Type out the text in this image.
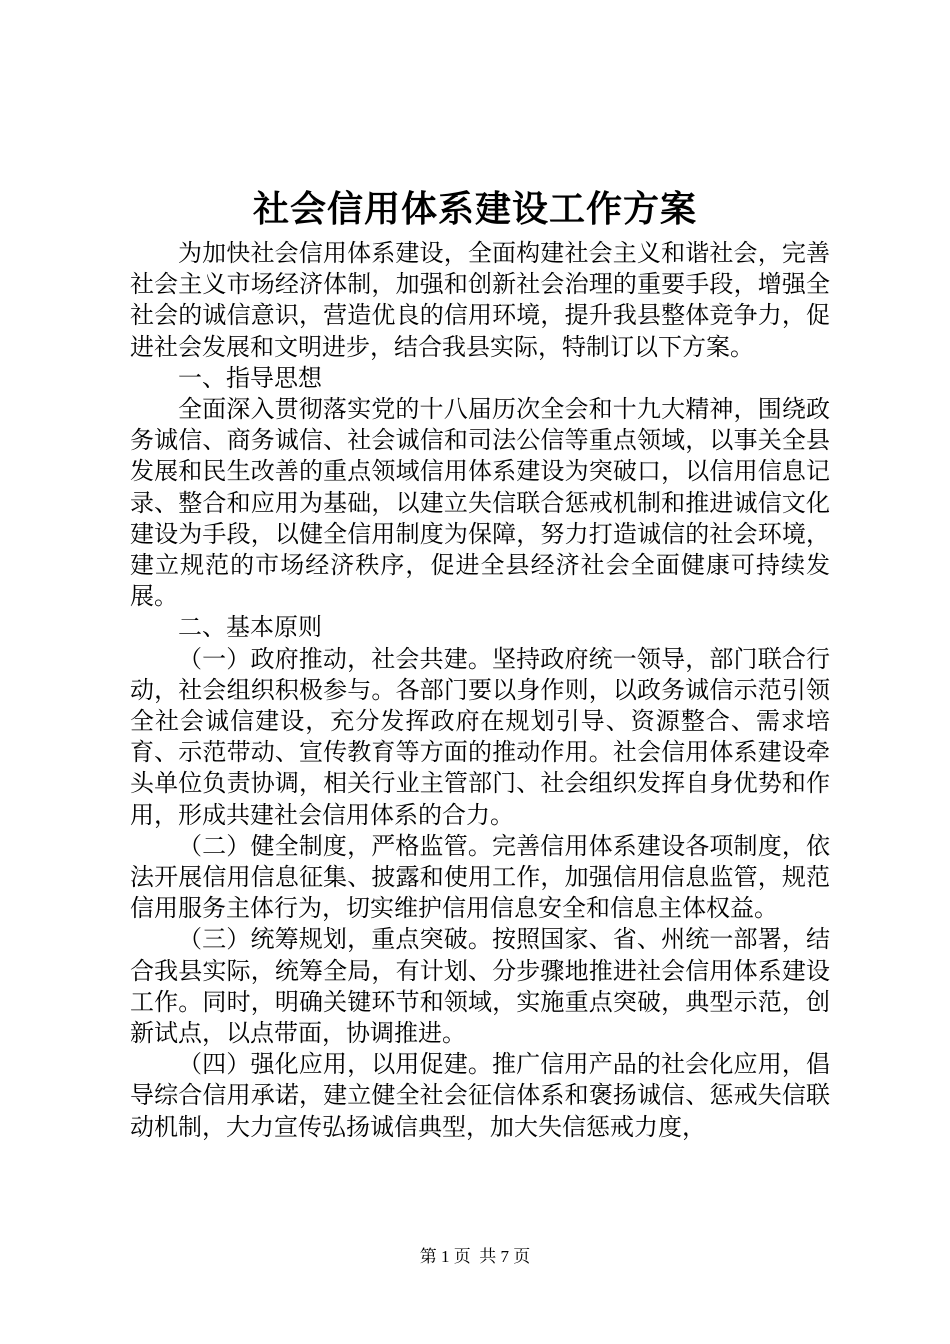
社会信用体系建设工作方案

为加快社会信用体系建设，全面构建社会主义和谐社会，完善社会主义市场经济体制，加强和创新社会治理的重要手段，增强全社会的诚信意识，营造优良的信用环境，提升我县整体竞争力，促进社会发展和文明进步，结合我县实际，特制订以下方案。

一、指导思想

全面深入贯彻落实党的十八届历次全会和十九大精神，围绕政务诚信、商务诚信、社会诚信和司法公信等重点领域，以事关全县发展和民生改善的重点领域信用体系建设为突破口，以信用信息记录、整合和应用为基础，以建立失信联合惩戒机制和推进诚信文化建设为手段，以健全信用制度为保障，努力打造诚信的社会环境，建立规范的市场经济秩序，促进全县经济社会全面健康可持续发展。

二、基本原则

（一）政府推动，社会共建。坚持政府统一领导，部门联合行动，社会组织积极参与。各部门要以身作则，以政务诚信示范引领全社会诚信建设，充分发挥政府在规划引导、资源整合、需求培育、示范带动、宣传教育等方面的推动作用。社会信用体系建设牵头单位负责协调，相关行业主管部门、社会组织发挥自身优势和作用，形成共建社会信用体系的合力。

（二）健全制度，严格监管。完善信用体系建设各项制度，依法开展信用信息征集、披露和使用工作，加强信用信息监管，规范信用服务主体行为，切实维护信用信息安全和信息主体权益。

（三）统筹规划，重点突破。按照国家、省、州统一部署，结合我县实际，统筹全局，有计划、分步骤地推进社会信用体系建设工作。同时，明确关键环节和领域，实施重点突破，典型示范，创新试点，以点带面，协调推进。

（四）强化应用，以用促建。推广信用产品的社会化应用，倡导综合信用承诺，建立健全社会征信体系和褒扬诚信、惩戒失信联动机制，大力宣传弘扬诚信典型，加大失信惩戒力度，

第 1 页  共 7 页
